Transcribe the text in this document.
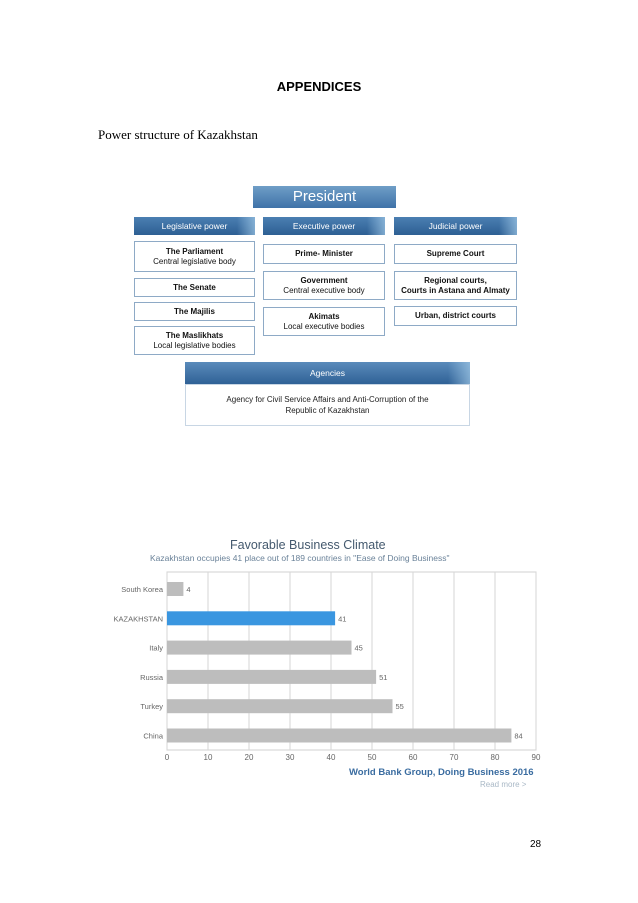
APPENDICES
Power structure of Kazakhstan
President
Legislative power	Executive power	Judicial power
The Parliament
Central legislative body
The Senate
The Majilis
The Maslikhats
Local legislative bodies
Prime- Minister
Government
Central executive body
Akimats
Local executive bodies
Supreme Court
Regional courts,
Courts in Astana and Almaty
Urban, district courts
Agencies
Agency for Civil Service Affairs and Anti-Corruption of the
Republic of Kazakhstan
Favorable Business Climate
Kazakhstan occupies 41 place out of 189 countries in "Ease of Doing Business"
0	10	20	30	40	50	60	70	80	90
South Korea	4
KAZAKHSTAN	41
Italy	45
Russia	51
Turkey	55
China	84
World Bank Group, Doing Business 2016
Read more >
28
